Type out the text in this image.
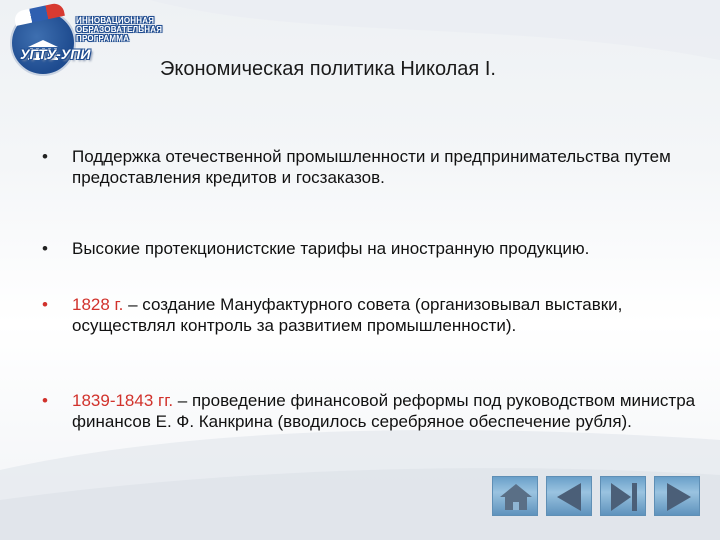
ИННОВАЦИОННАЯ
ОБРАЗОВАТЕЛЬНАЯ
ПРОГРАММА
УГТУ-УПИ
Экономическая политика Николая I.
• Поддержка отечественной промышленности и предпринимательства путем предоставления кредитов и госзаказов.
• Высокие протекционистские тарифы на иностранную продукцию.
• 1828 г. – создание Мануфактурного совета (организовывал выставки, осуществлял контроль за развитием промышленности).
• 1839-1843 гг. – проведение финансовой реформы под руководством министра финансов Е. Ф. Канкрина (вводилось серебряное обеспечение рубля).
